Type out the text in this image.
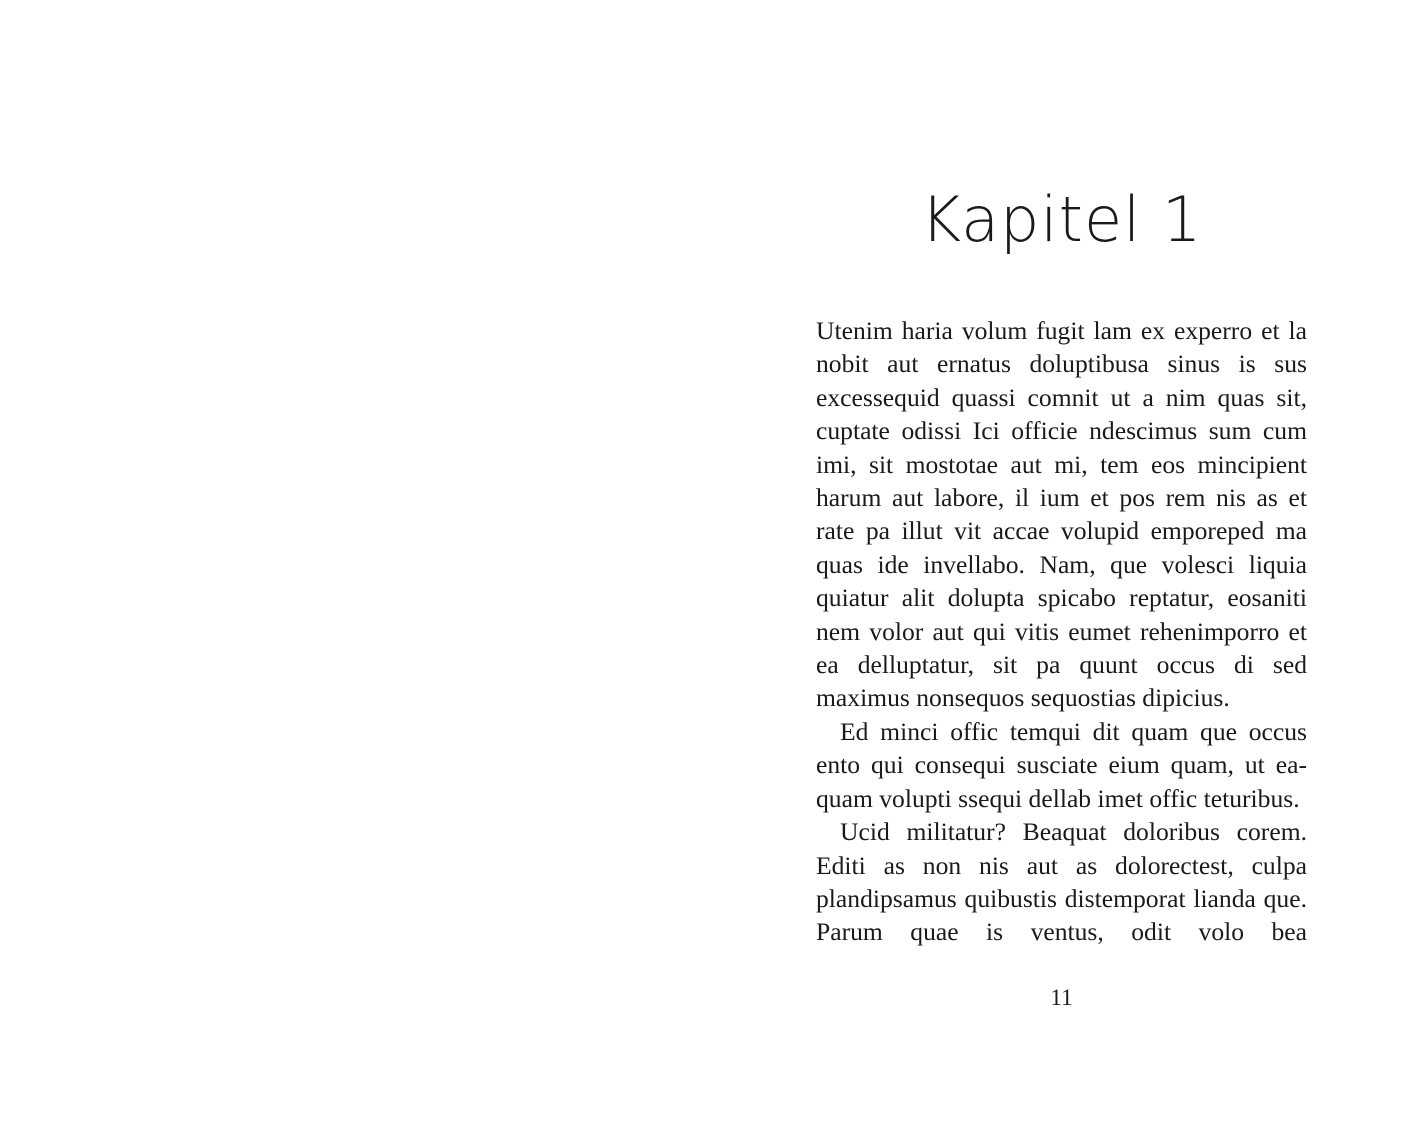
Kapitel 1

Utenim haria volum fugit lam ex experro et la nobit aut ernatus doluptibusa sinus is sus excessequid quassi comnit ut a nim quas sit, cuptate odissi Ici officie ndescimus sum cum imi, sit mostotae aut mi, tem eos mincipient harum aut labore, il ium et pos rem nis as et rate pa illut vit accae volupid emporeped ma quas ide invellabo. Nam, que volesci liquia quiatur alit dolupta spicabo reptatur, eosaniti nem volor aut qui vitis eumet rehenimporro et ea delluptatur, sit pa quunt occus di sed maximus nonsequos sequostias dipicius.

Ed minci offic temqui dit quam que occus ento qui consequi susciate eium quam, ut eaquam volupti ssequi dellab imet offic teturibus.

Ucid militatur? Beaquat doloribus corem. Editi as non nis aut as dolorectest, culpa plandipsamus quibustis distemporat lianda que. Parum quae is ventus, odit volo bea

11
